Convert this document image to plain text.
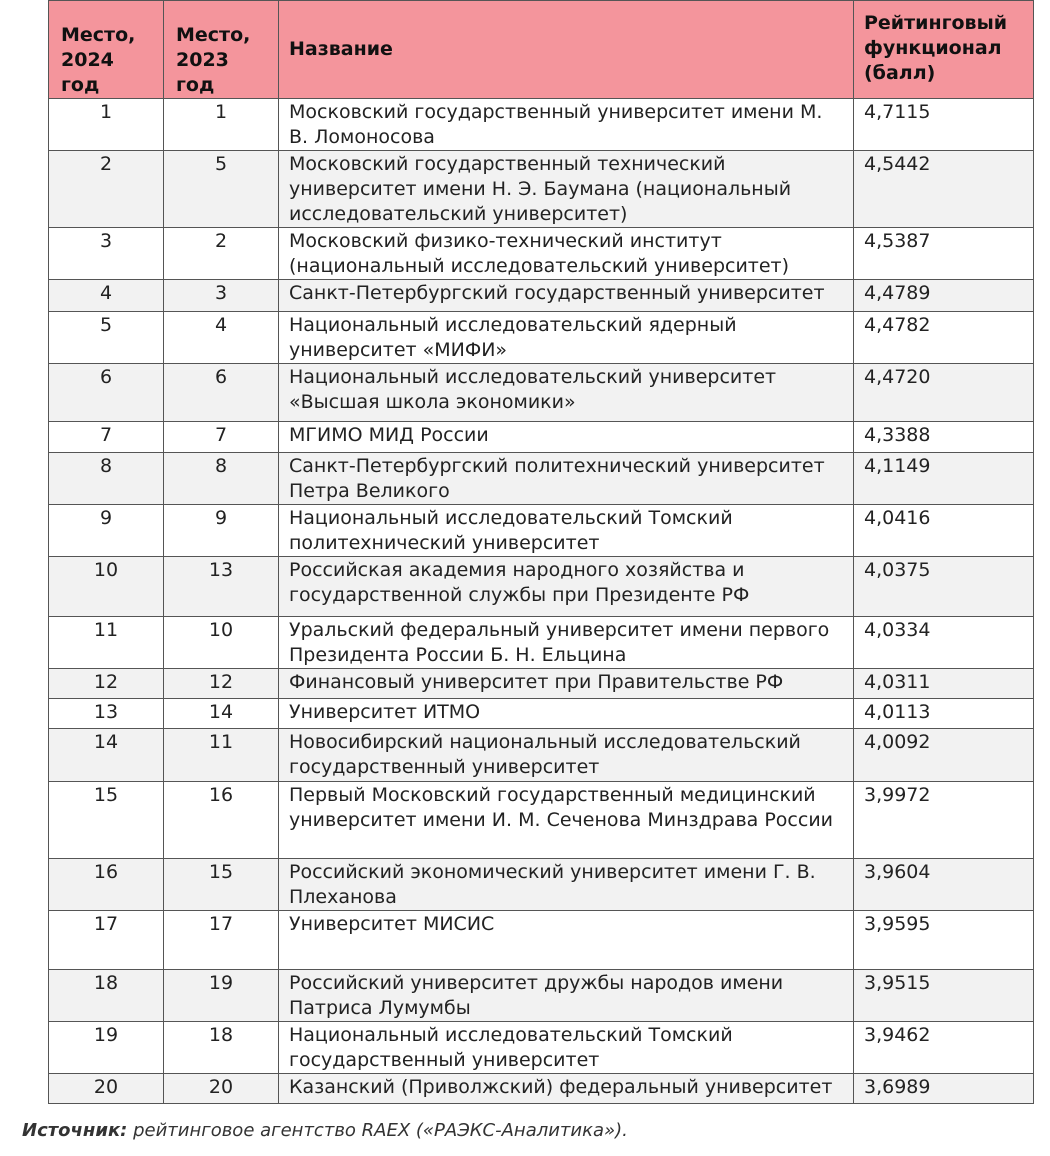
Место, 2024 год	Место, 2023 год	Название	Рейтинговый функционал (балл)
1	1	Московский государственный университет имени М. В. Ломоносова	4,7115
2	5	Московский государственный технический университет имени Н. Э. Баумана (национальный исследовательский университет)	4,5442
3	2	Московский физико-технический институт (национальный исследовательский университет)	4,5387
4	3	Санкт-Петербургский государственный университет	4,4789
5	4	Национальный исследовательский ядерный университет «МИФИ»	4,4782
6	6	Национальный исследовательский университет «Высшая школа экономики»	4,4720
7	7	МГИМО МИД России	4,3388
8	8	Санкт-Петербургский политехнический университет Петра Великого	4,1149
9	9	Национальный исследовательский Томский политехнический университет	4,0416
10	13	Российская академия народного хозяйства и государственной службы при Президенте РФ	4,0375
11	10	Уральский федеральный университет имени первого Президента России Б. Н. Ельцина	4,0334
12	12	Финансовый университет при Правительстве РФ	4,0311
13	14	Университет ИТМО	4,0113
14	11	Новосибирский национальный исследовательский государственный университет	4,0092
15	16	Первый Московский государственный медицинский университет имени И. М. Сеченова Минздрава России	3,9972
16	15	Российский экономический университет имени Г. В. Плеханова	3,9604
17	17	Университет МИСИС	3,9595
18	19	Российский университет дружбы народов имени Патриса Лумумбы	3,9515
19	18	Национальный исследовательский Томский государственный университет	3,9462
20	20	Казанский (Приволжский) федеральный университет	3,6989
Источник: рейтинговое агентство RAEX («РАЭКС-Аналитика»).
